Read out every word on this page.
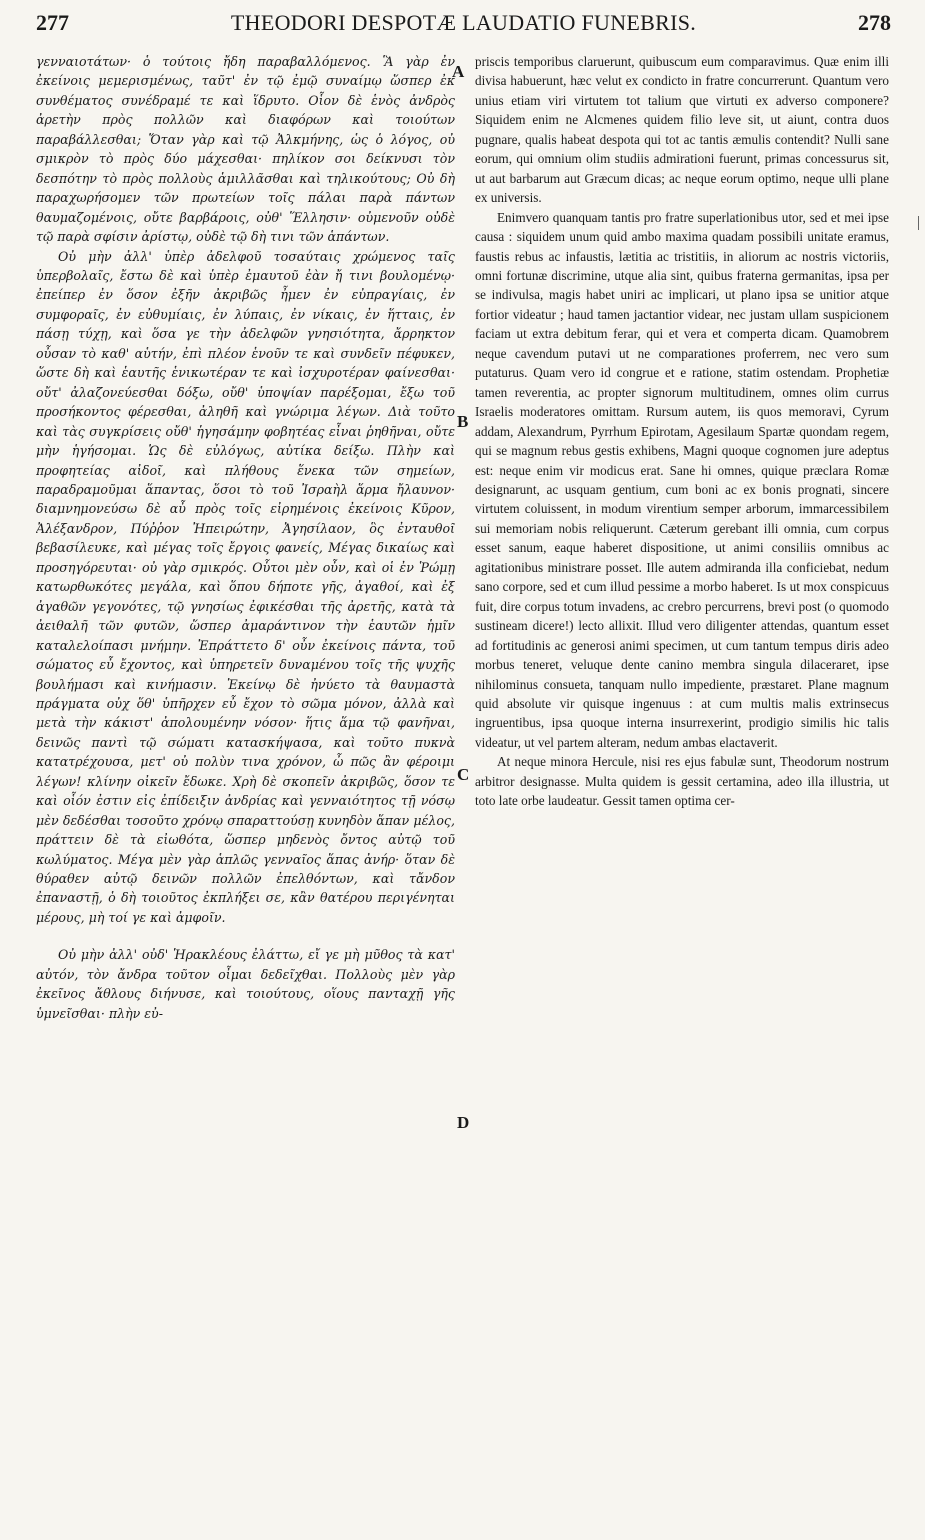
277	THEODORI DESPOTÆ LAUDATIO FUNEBRIS.	278

γενναιοτάτων· ὁ τούτοις ἤδη παραβαλλόμενος. Ἃ γὰρ ἐν ἐκείνοις μεμερισμένως, ταῦτ' ἐν τῷ ἐμῷ συναίμῳ ὥσπερ ἐκ συνθέματος συνέδραμέ τε καὶ ἵδρυτο. Οἷον δὲ ἑνὸς ἀνδρὸς ἀρετὴν πρὸς πολλῶν καὶ διαφόρων καὶ τοιούτων παραβάλλεσθαι; Ὅταν γὰρ καὶ τῷ Ἀλκμήνης, ὡς ὁ λόγος, οὐ σμικρὸν τὸ πρὸς δύο μάχεσθαι· πηλίκον σοι δείκνυσι τὸν δεσπότην τὸ πρὸς πολλοὺς ἁμιλλᾶσθαι καὶ τηλικούτους; Οὐ δὴ παραχωρήσομεν τῶν πρωτείων τοῖς πάλαι παρὰ πάντων θαυμαζομένοις, οὔτε βαρβάροις, οὐθ' Ἕλλησιν· οὐμενοῦν οὐδὲ τῷ παρὰ σφίσιν ἀρίστῳ, οὐδὲ τῷ δὴ τινι τῶν ἁπάντων.

Οὐ μὴν ἀλλ' ὑπὲρ ἀδελφοῦ τοσαύταις χρώμενος ταῖς ὑπερβολαῖς, ἔστω δὲ καὶ ὑπὲρ ἐμαυτοῦ ἐὰν ἤ τινι βουλομένῳ· ἐπείπερ ἐν ὅσον ἐξῆν ἀκριβῶς ἦμεν ἐν εὐπραγίαις, ἐν συμφοραῖς, ἐν εὐθυμίαις, ἐν λύπαις, ἐν νίκαις, ἐν ἥτταις, ἐν πάσῃ τύχῃ, καὶ ὅσα γε τὴν ἀδελφῶν γνησιότητα, ἄρρηκτον οὖσαν τὸ καθ' αὑτήν, ἐπὶ πλέον ἑνοῦν τε καὶ συνδεῖν πέφυκεν, ὥστε δὴ καὶ ἑαυτῆς ἑνικωτέραν τε καὶ ἰσχυροτέραν φαίνεσθαι· οὔτ' ἀλαζονεύεσθαι δόξω, οὔθ' ὑποψίαν παρέξομαι, ἔξω τοῦ προσήκοντος φέρεσθαι, ἀληθῆ καὶ γνώριμα λέγων. Διὰ τοῦτο καὶ τὰς συγκρίσεις οὔθ' ἡγησάμην φοβητέας εἶναι ῥηθῆναι, οὔτε μὴν ἡγήσομαι. Ὡς δὲ εὐλόγως, αὐτίκα δείξω. Πλὴν καὶ προφητείας αἰδοῖ, καὶ πλήθους ἕνεκα τῶν σημείων, παραδραμοῦμαι ἅπαντας, ὅσοι τὸ τοῦ Ἰσραὴλ ἅρμα ἤλαυνον· διαμνημονεύσω δὲ αὖ πρὸς τοῖς εἰρημένοις ἐκείνοις Κῦρον, Ἀλέξανδρον, Πύῤῥον Ἠπειρώτην, Ἀγησίλαον, ὃς ἐνταυθοῖ βεβασίλευκε, καὶ μέγας τοῖς ἔργοις φανείς, Μέγας δικαίως καὶ προσηγόρευται· οὐ γὰρ σμικρός. Οὗτοι μὲν οὖν, καὶ οἱ ἐν Ῥώμῃ κατωρθωκότες μεγάλα, καὶ ὅπου δήποτε γῆς, ἀγαθοί, καὶ ἐξ ἀγαθῶν γεγονότες, τῷ γνησίως ἐφικέσθαι τῆς ἀρετῆς, κατὰ τὰ ἀειθαλῆ τῶν φυτῶν, ὥσπερ ἀμαράντινον τὴν ἑαυτῶν ἡμῖν καταλελοίπασι μνήμην. Ἐπράττετο δ' οὖν ἐκείνοις πάντα, τοῦ σώματος εὖ ἔχοντος, καὶ ὑπηρετεῖν δυναμένου τοῖς τῆς ψυχῆς βουλήμασι καὶ κινήμασιν. Ἐκείνῳ δὲ ἠνύετο τὰ θαυμαστὰ πράγματα οὐχ ὅθ' ὑπῆρχεν εὖ ἔχον τὸ σῶμα μόνον, ἀλλὰ καὶ μετὰ τὴν κάκιστ' ἀπολουμένην νόσον· ἥτις ἅμα τῷ φανῆναι, δεινῶς παντὶ τῷ σώματι κατασκήψασα, καὶ τοῦτο πυκνὰ κατατρέχουσα, μετ' οὐ πολὺν τινα χρόνον, ὦ πῶς ἂν φέροιμι λέγων! κλίνην οἰκεῖν ἔδωκε. Χρὴ δὲ σκοπεῖν ἀκριβῶς, ὅσον τε καὶ οἷόν ἐστιν εἰς ἐπίδειξιν ἀνδρίας καὶ γενναιότητος τῇ νόσῳ μὲν δεδέσθαι τοσοῦτο χρόνῳ σπαραττούσῃ κυνηδὸν ἅπαν μέλος, πράττειν δὲ τὰ εἰωθότα, ὥσπερ μηδενὸς ὄντος αὐτῷ τοῦ κωλύματος. Μέγα μὲν γὰρ ἁπλῶς γενναῖος ἅπας ἀνήρ· ὅταν δὲ θύραθεν αὐτῷ δεινῶν πολλῶν ἐπελθόντων, καὶ τἄνδον ἐπαναστῇ, ὁ δὴ τοιοῦτος ἐκπλήξει σε, κἂν θατέρου περιγένηται μέρους, μὴ τοί γε καὶ ἀμφοῖν.

Οὐ μὴν ἀλλ' οὐδ' Ἡρακλέους ἐλάττω, εἴ γε μὴ μῦθος τὰ κατ' αὐτόν, τὸν ἄνδρα τοῦτον οἶμαι δεδεῖχθαι. Πολλοὺς μὲν γὰρ ἐκεῖνος ἄθλους διήνυσε, καὶ τοιούτους, οἵους πανταχῇ γῆς ὑμνεῖσθαι· πλὴν εὐ-

priscis temporibus claruerunt, quibuscum eum comparavimus. Quæ enim illi divisa habuerunt, hæc velut ex condicto in fratre concurrerunt. Quantum vero unius etiam viri virtutem tot talium que virtuti ex adverso componere? Siquidem enim ne Alcmenes quidem filio leve sit, ut aiunt, contra duos pugnare, qualis habeat despota qui tot ac tantis æmulis contendit? Nulli sane eorum, qui omnium olim studiis admirationi fuerunt, primas concessurus sit, ut aut barbarum aut Græcum dicas; ac neque eorum optimo, neque ulli plane ex universis.

Enimvero quanquam tantis pro fratre superlationibus utor, sed et mei ipse causa : siquidem unum quid ambo maxima quadam possibili unitate eramus, faustis rebus ac infaustis, lætitia ac tristitiis, in aliorum ac nostris victoriis, omni fortunæ discrimine, utque alia sint, quibus fraterna germanitas, ipsa per se indivulsa, magis habet uniri ac implicari, ut plano ipsa se unitior atque fortior videatur ; haud tamen jactantior videar, nec justam ullam suspicionem faciam ut extra debitum ferar, qui et vera et comperta dicam. Quamobrem neque cavendum putavi ut ne comparationes proferrem, nec vero sum putaturus. Quam vero id congrue et e ratione, statim ostendam. Prophetiæ tamen reverentia, ac propter signorum multitudinem, omnes olim currus Israelis moderatores omittam. Rursum autem, iis quos memoravi, Cyrum addam, Alexandrum, Pyrrhum Epirotam, Agesilaum Spartæ quondam regem, qui se magnum rebus gestis exhibens, Magni quoque cognomen jure adeptus est: neque enim vir modicus erat. Sane hi omnes, quique præclara Romæ designarunt, ac usquam gentium, cum boni ac ex bonis prognati, sincere virtutem coluissent, in modum virentium semper arborum, immarcessibilem sui memoriam nobis reliquerunt. Cæterum gerebant illi omnia, cum corpus esset sanum, eaque haberet dispositione, ut animi consiliis omnibus ac agitationibus ministrare posset. Ille autem admiranda illa conficiebat, nedum sano corpore, sed et cum illud pessime a morbo haberet. Is ut mox conspicuus fuit, dire corpus totum invadens, ac crebro percurrens, brevi post (o quomodo sustineam dicere!) lecto allixit. Illud vero diligenter attendas, quantum esset ad fortitudinis ac generosi animi specimen, ut cum tantum tempus diris adeo morbus teneret, veluque dente canino membra singula dilaceraret, ipse nihilominus consueta, tanquam nullo impediente, præstaret. Plane magnum quid absolute vir quisque ingenuus : at cum multis malis extrinsecus ingruentibus, ipsa quoque interna insurrexerint, prodigio similis hic talis videatur, ut vel partem alteram, nedum ambas elactaverit.

At neque minora Hercule, nisi res ejus fabulæ sunt, Theodorum nostrum arbitror designasse. Multa quidem is gessit certamina, adeo illa illustria, ut toto late orbe laudeatur. Gessit tamen optima cer-

A
B
C
D
